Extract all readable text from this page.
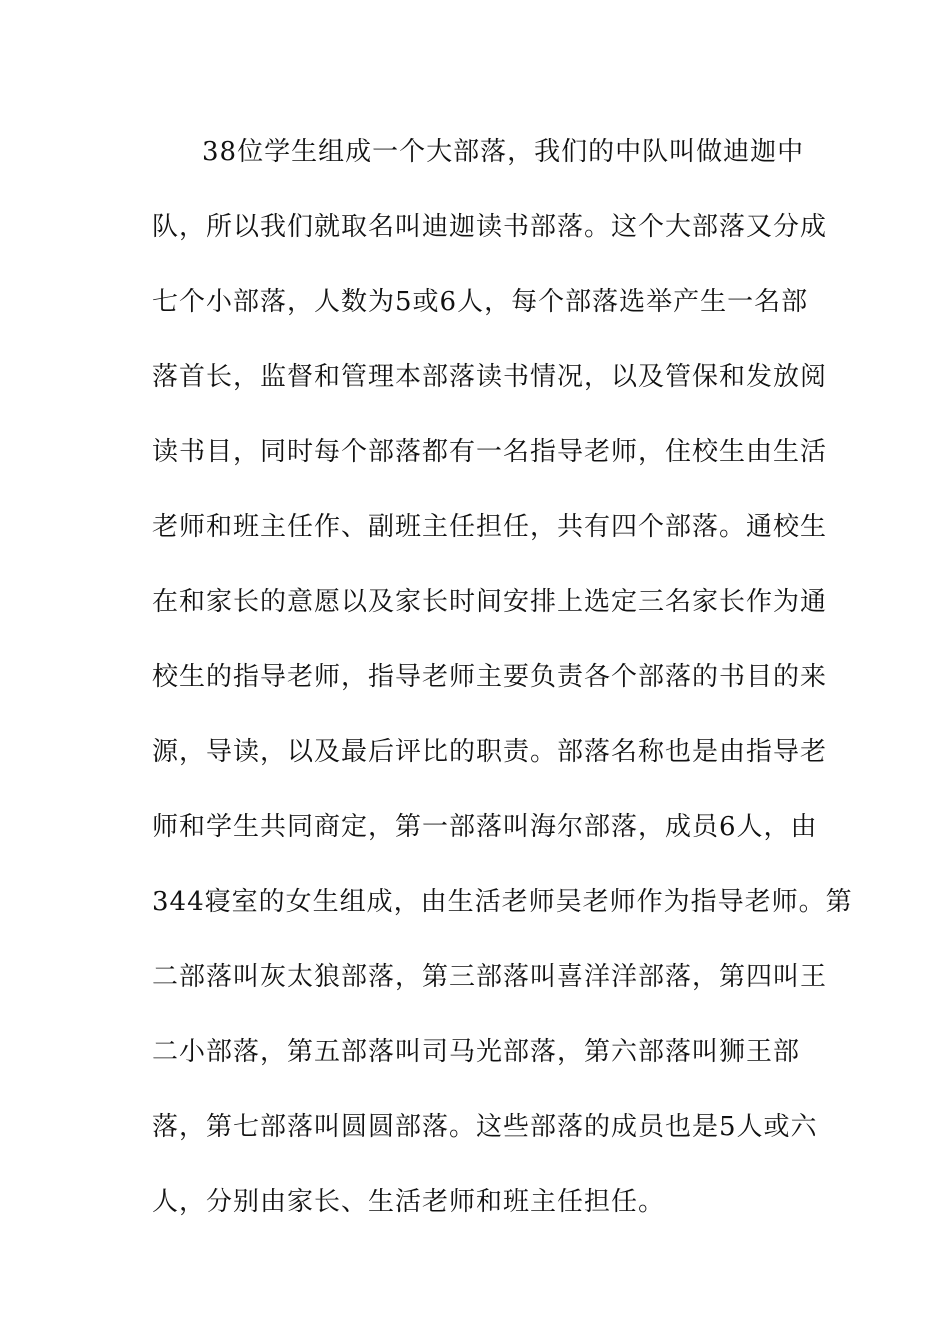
38位学生组成一个大部落，我们的中队叫做迪迦中
队，所以我们就取名叫迪迦读书部落。这个大部落又分成
七个小部落，人数为5或6人，每个部落选举产生一名部
落首长，监督和管理本部落读书情况，以及管保和发放阅
读书目，同时每个部落都有一名指导老师，住校生由生活
老师和班主任作、副班主任担任，共有四个部落。通校生
在和家长的意愿以及家长时间安排上选定三名家长作为通
校生的指导老师，指导老师主要负责各个部落的书目的来
源，导读，以及最后评比的职责。部落名称也是由指导老
师和学生共同商定，第一部落叫海尔部落，成员6人，由
344寝室的女生组成，由生活老师吴老师作为指导老师。第
二部落叫灰太狼部落，第三部落叫喜洋洋部落，第四叫王
二小部落，第五部落叫司马光部落，第六部落叫狮王部
落，第七部落叫圆圆部落。这些部落的成员也是5人或六
人，分别由家长、生活老师和班主任担任。
